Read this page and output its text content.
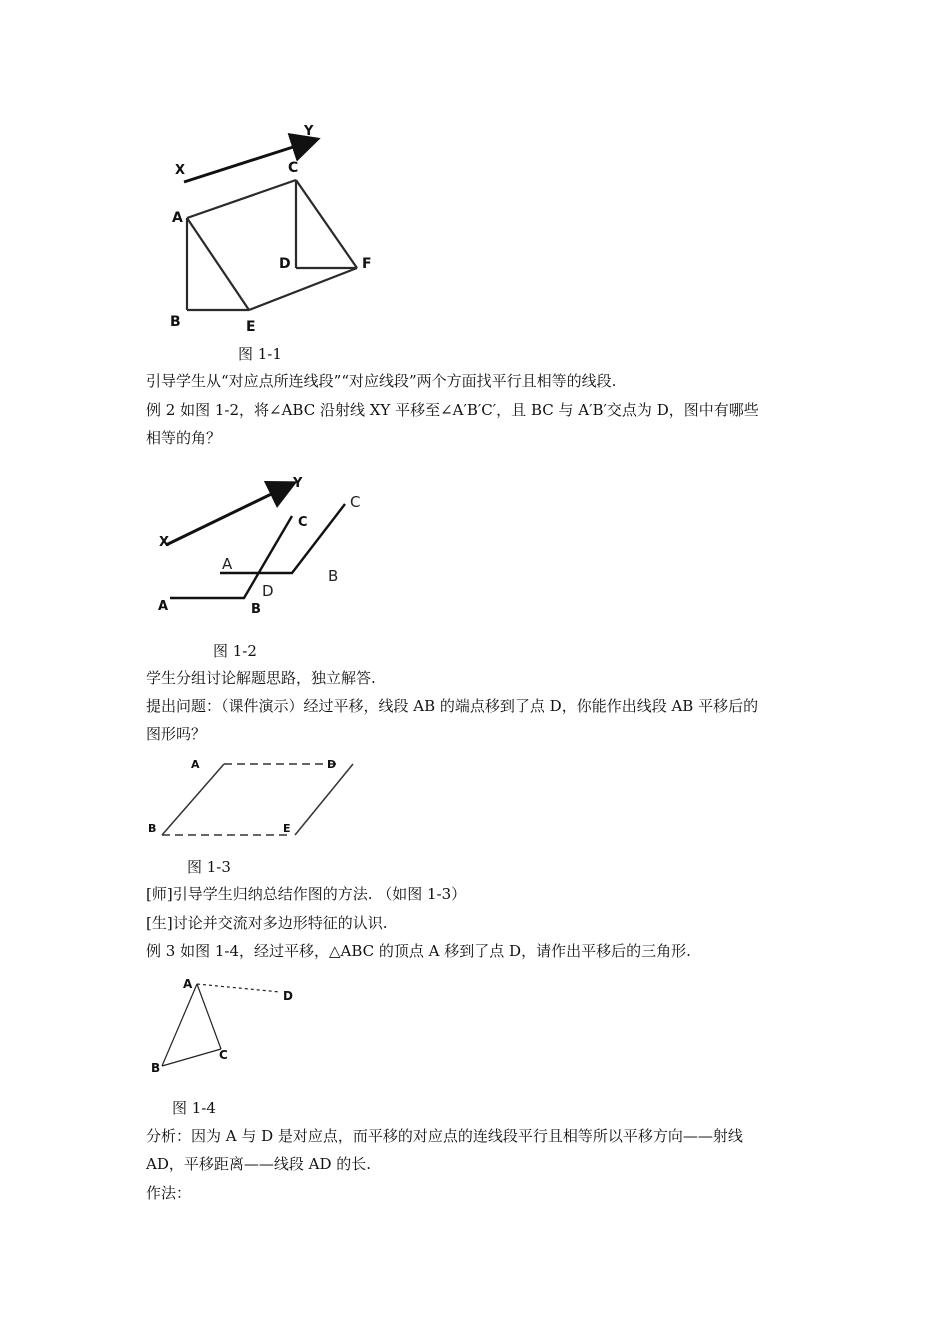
X
Y
C
A
D	F
B	E
图 1-1
引导学生从“对应点所连线段”“对应线段”两个方面找平行且相等的线段.
例 2 如图 1-2，将∠ABC 沿射线 XY 平移至∠A′B′C′，且 BC 与 A′B′交点为 D，图中有哪些
相等的角？
X
Y
C
C
A
B
D
A	B
图 1-2
学生分组讨论解题思路，独立解答.
提出问题：（课件演示）经过平移，线段 AB 的端点移到了点 D，你能作出线段 AB 平移后的
图形吗？
A	D
B	E
图 1-3
[师]引导学生归纳总结作图的方法. （如图 1-3）
[生]讨论并交流对多边形特征的认识.
例 3 如图 1-4，经过平移，△ABC 的顶点 A 移到了点 D，请作出平移后的三角形.
A
D
C
B
图 1-4
分析：因为 A 与 D 是对应点，而平移的对应点的连线段平行且相等所以平移方向——射线
AD，平移距离——线段 AD 的长.
作法：
